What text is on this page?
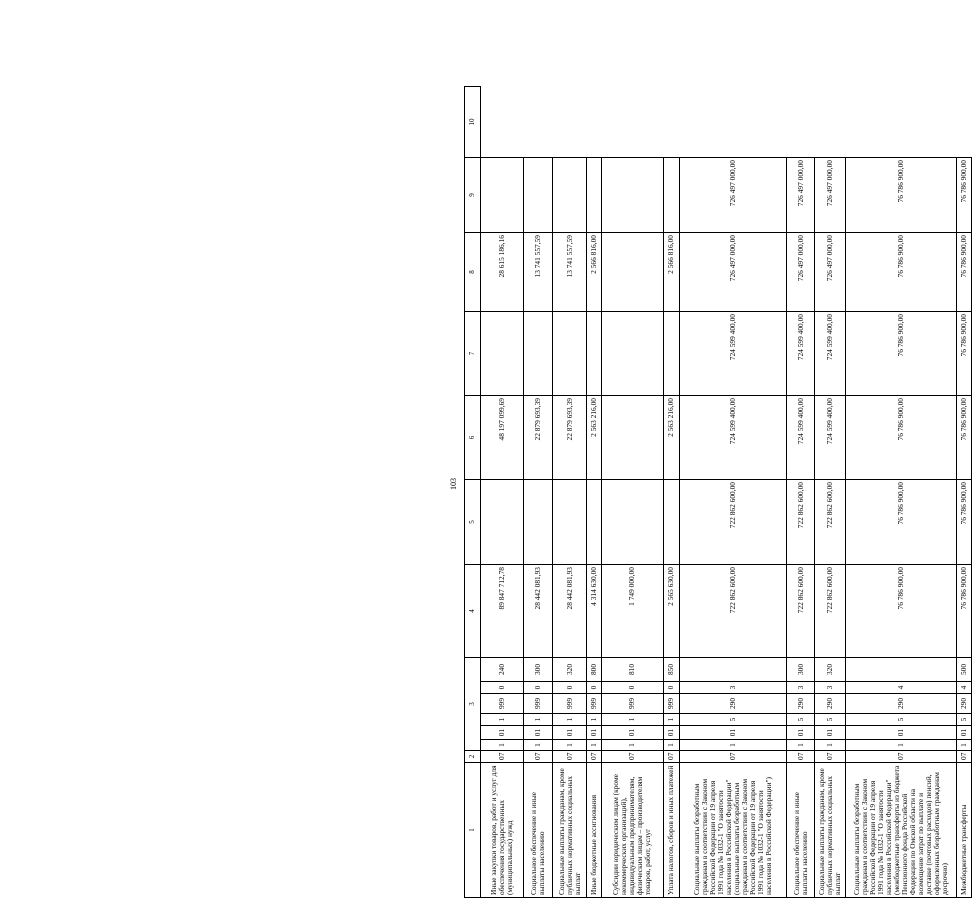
103
1	2	3						4	5	6	7	8	9	10
Иные закупки товаров, работ и услуг для обеспечения государственных (муниципальных) нужд	07	1	01	1	999	0	240	89 847 712,78		48 197 099,69		28 615 186,16		
Социальное обеспечение и иные выплаты населению	07	1	01	1	999	0	300	28 442 081,93		22 879 693,39		13 741 557,59		
Социальные выплаты гражданам, кроме публичных нормативных социальных выплат	07	1	01	1	999	0	320	28 442 081,93		22 879 693,39		13 741 557,59		
Иные бюджетные ассигнования	07	1	01	1	999	0	800	4 314 630,00		2 563 216,00		2 566 816,00		
Субсидии юридическим лицам (кроме некоммерческих организаций), индивидуальным предпринимателям, физическим лицам – производителям товаров, работ, услуг	07	1	01	1	999	0	810	1 749 000,00						
Уплата налогов, сборов и иных платежей	07	1	01	1	999	0	850	2 565 630,00		2 563 216,00		2 566 816,00		
Социальные выплаты безработным гражданам в соответствии с Законом Российской Федерации от 19 апреля 1991 года № 1032-1 "О занятости населения в Российской Федерации" (социальные выплаты безработным гражданам в соответствии с Законом Российской Федерации от 19 апреля 1991 года № 1032-1 "О занятости населения в Российской Федерации")	07	1	01	5	290	3		722 862 600,00	722 862 600,00	724 599 400,00	724 599 400,00	726 497 000,00	726 497 000,00	
Социальное обеспечение и иные выплаты населению	07	1	01	5	290	3	300	722 862 600,00	722 862 600,00	724 599 400,00	724 599 400,00	726 497 000,00	726 497 000,00	
Социальные выплаты гражданам, кроме публичных нормативных социальных выплат	07	1	01	5	290	3	320	722 862 600,00	722 862 600,00	724 599 400,00	724 599 400,00	726 497 000,00	726 497 000,00	
Социальные выплаты безработным гражданам в соответствии с Законом Российской Федерации от 19 апреля 1991 года № 1032-1 "О занятости населения в Российской Федерации" (межбюджетные трансферты из бюджета Пенсионного фонда Российской Федерации по Омской области на возмещение затрат по выплате и доставке (почтовых расходов) пенсий, оформленных безработным гражданам досрочно)	07	1	01	5	290	4		76 786 900,00	76 786 900,00	76 786 900,00	76 786 900,00	76 786 900,00	76 786 900,00	
Межбюджетные трансферты	07	1	01	5	290	4	500	76 786 900,00	76 786 900,00	76 786 900,00	76 786 900,00	76 786 900,00	76 786 900,00	
